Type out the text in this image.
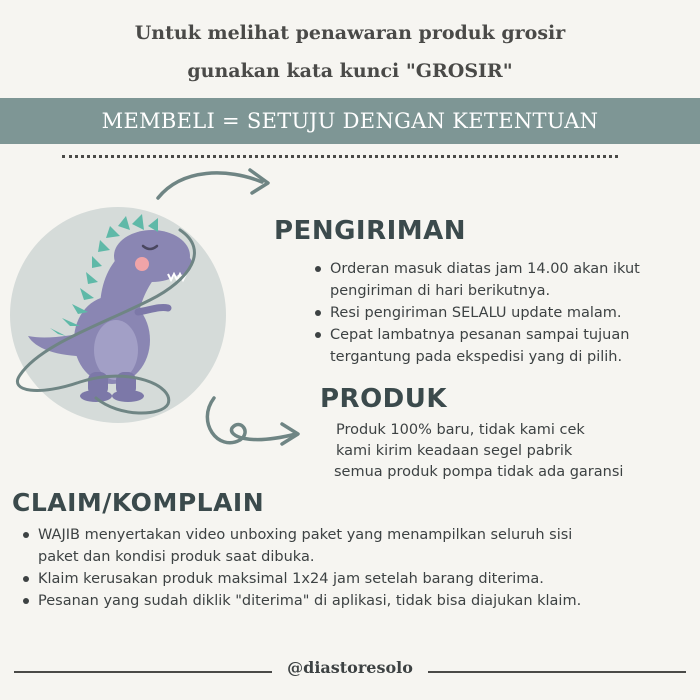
Untuk melihat penawaran produk grosir
gunakan kata kunci "GROSIR"
MEMBELI = SETUJU DENGAN KETENTUAN
PENGIRIMAN
Orderan masuk diatas jam 14.00 akan ikut
pengiriman di hari berikutnya.
Resi pengiriman SELALU update malam.
Cepat lambatnya pesanan sampai tujuan
tergantung pada ekspedisi yang di pilih.
PRODUK
Produk 100% baru, tidak kami cek
kami kirim keadaan segel pabrik
semua produk pompa tidak ada garansi
CLAIM/KOMPLAIN
WAJIB menyertakan video unboxing paket yang menampilkan seluruh sisi
paket dan kondisi produk saat dibuka.
Klaim kerusakan produk maksimal 1x24 jam setelah barang diterima.
Pesanan yang sudah diklik "diterima" di aplikasi, tidak bisa diajukan klaim.
@diastoresolo
